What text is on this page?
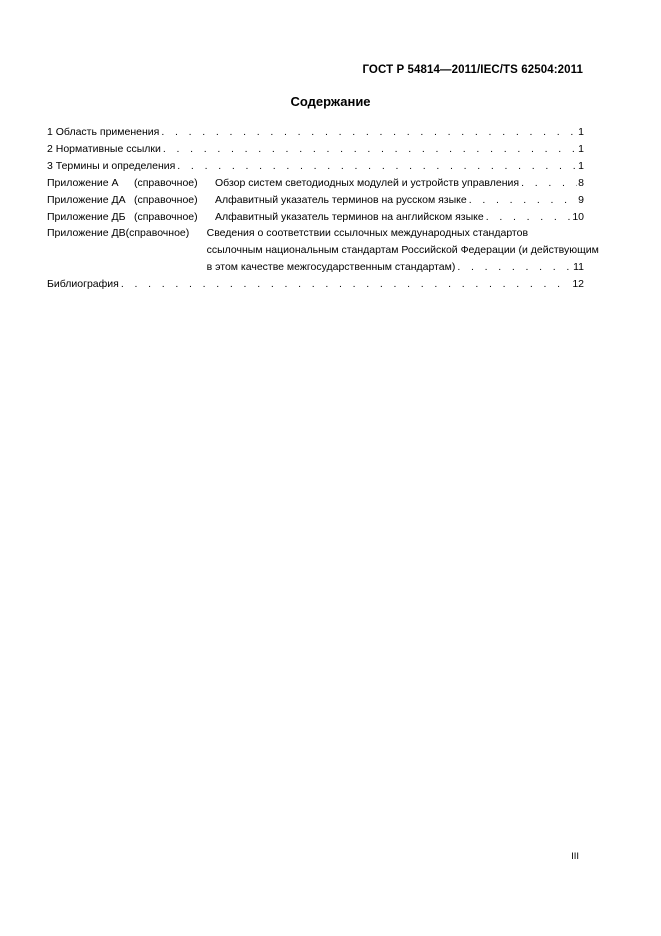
ГОСТ Р 54814—2011/IEC/TS 62504:2011
Содержание
1 Область применения . . .	1
2 Нормативные ссылки . . .	1
3 Термины и определения . . .	1
Приложение А (справочное) Обзор систем светодиодных модулей и устройств управления . . .	8
Приложение ДА (справочное) Алфавитный указатель терминов на русском языке . . .	9
Приложение ДБ (справочное) Алфавитный указатель терминов на английском языке . . .	10
Приложение ДВ (справочное) Сведения о соответствии ссылочных международных стандартов
ссылочным национальным стандартам Российской Федерации (и действующим
в этом качестве межгосударственным стандартам) . . .	11
Библиография . . .	12
III
